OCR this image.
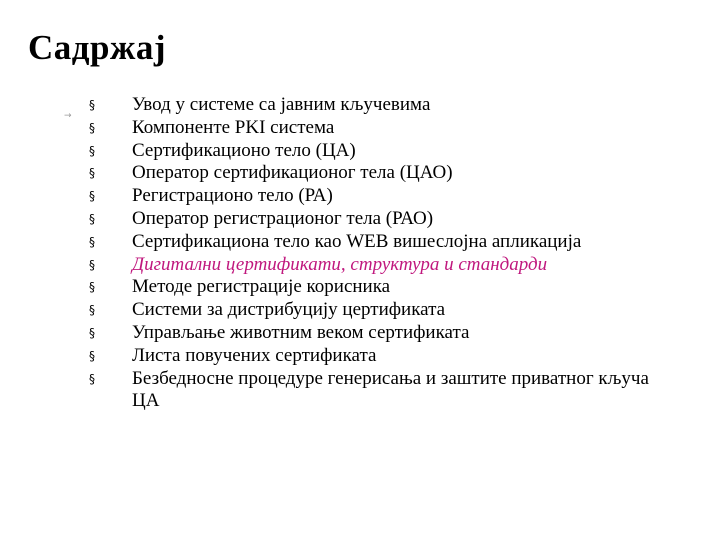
Садржај
→
§ Увод у системе са јавним кључевима
§ Компоненте PKI система
§ Сертификационо тело (ЦА)
§ Оператор сертификационог тела (ЦАО)
§ Регистрационо тело (РА)
§ Оператор регистрационог тела (РАО)
§ Сертификациона тело као WEB вишеслојна апликација
§ Дигитални цертификати, структура и стандарди
§ Методе регистрације корисника
§ Системи за дистрибуцију цертификата
§ Управљање животним веком сертификата
§ Листа повучених сертификата
§ Безбедносне процедуре генерисања и заштите приватног кључа ЦА
